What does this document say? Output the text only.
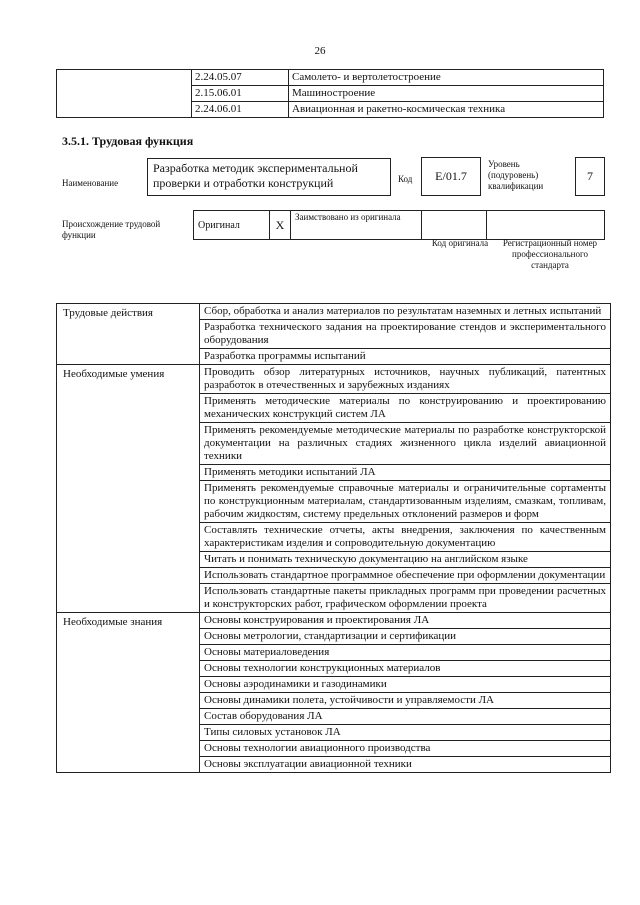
26
	2.24.05.07	Самолето- и вертолетостроение
	2.15.06.01	Машиностроение
	2.24.06.01	Авиационная и ракетно-космическая техника
3.5.1. Трудовая функция
Наименование
Разработка методик экспериментальной проверки и отработки конструкций	Код	E/01.7
Уровень (подуровень) квалификации
7
Происхождение трудовой функции
Оригинал	X	Заимствовано из оригинала		
Код оригинала	Регистрационный номер профессионального стандарта
Трудовые действия	Сбор, обработка и анализ материалов по результатам наземных и летных испытаний
	Разработка технического задания на проектирование стендов и экспериментального оборудования
	Разработка программы испытаний
Необходимые умения	Проводить обзор литературных источников, научных публикаций, патентных разработок в отечественных и зарубежных изданиях
	Применять методические материалы по конструированию и проектированию механических конструкций систем ЛА
	Применять рекомендуемые методические материалы по разработке конструкторской документации на различных стадиях жизненного цикла изделий авиационной техники
	Применять методики испытаний ЛА
	Применять рекомендуемые справочные материалы и ограничительные сортаменты по конструкционным материалам, стандартизованным изделиям, смазкам, топливам, рабочим жидкостям, систему предельных отклонений размеров и форм
	Составлять технические отчеты, акты внедрения, заключения по качественным характеристикам изделия и сопроводительную документацию
	Читать и понимать техническую документацию на английском языке
	Использовать стандартное программное обеспечение при оформлении документации
	Использовать стандартные пакеты прикладных программ при проведении расчетных и конструкторских работ, графическом оформлении проекта
Необходимые знания	Основы конструирования и проектирования ЛА
	Основы метрологии, стандартизации и сертификации
	Основы материаловедения
	Основы технологии конструкционных материалов
	Основы аэродинамики и газодинамики
	Основы динамики полета, устойчивости и управляемости ЛА
	Состав оборудования ЛА
	Типы силовых установок ЛА
	Основы технологии авиационного производства
	Основы эксплуатации авиационной техники
